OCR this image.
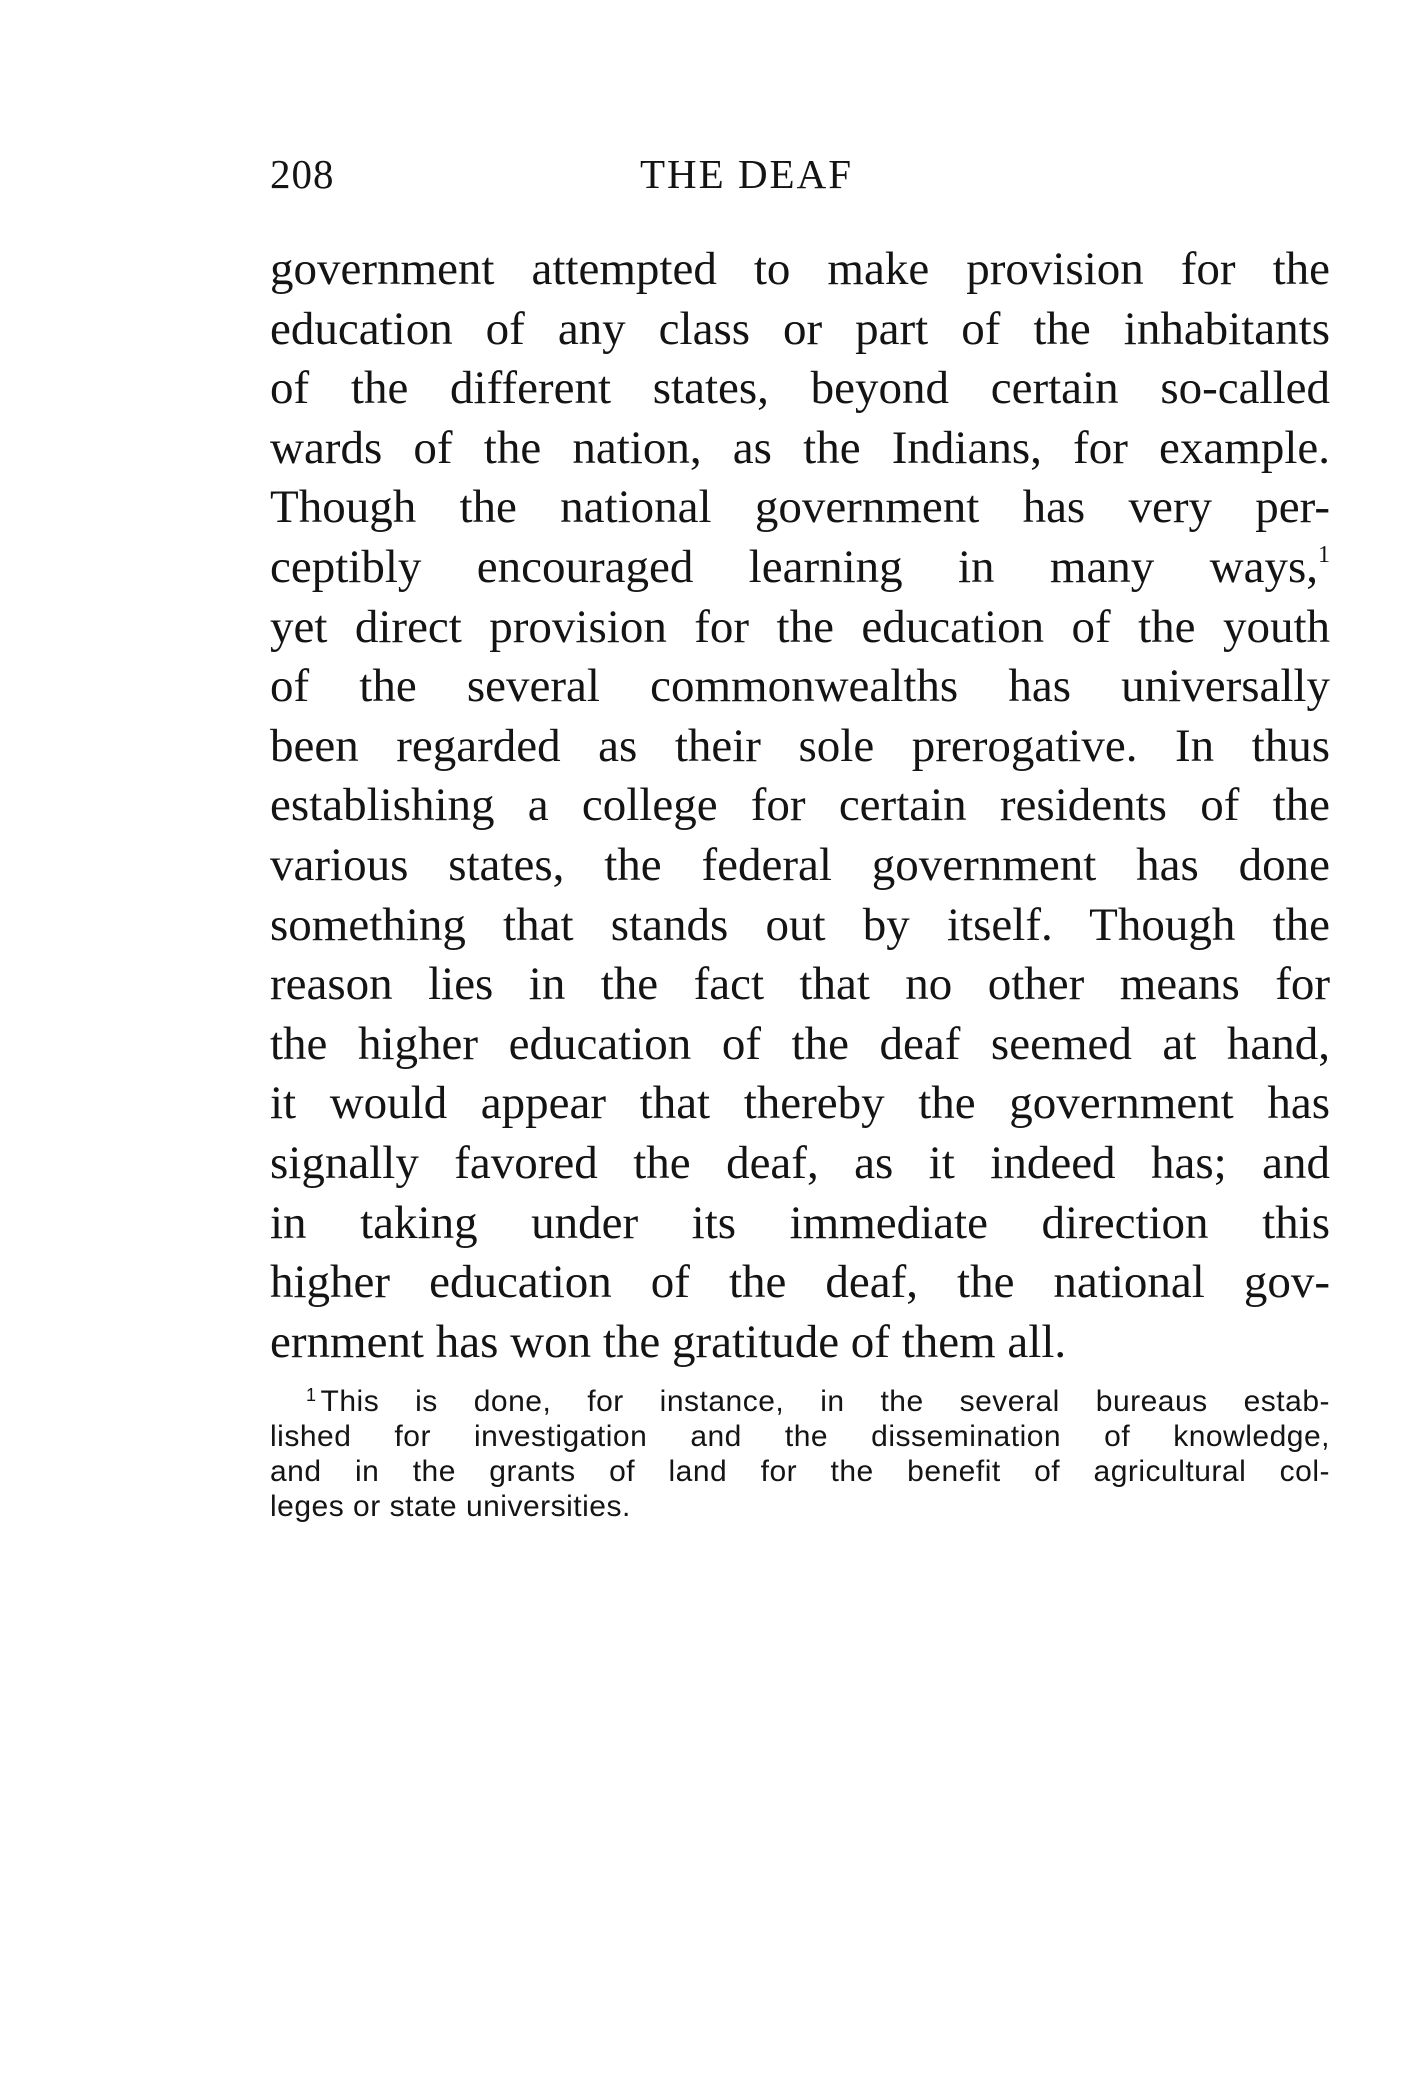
208	THE DEAF
government attempted to make provision for the
education of any class or part of the inhabitants
of the different states, beyond certain so-called
wards of the nation, as the Indians, for example.
Though the national government has very per-
ceptibly encouraged learning in many ways,$^1$
yet direct provision for the education of the youth
of the several commonwealths has universally
been regarded as their sole prerogative. In thus
establishing a college for certain residents of the
various states, the federal government has done
something that stands out by itself. Though the
reason lies in the fact that no other means for
the higher education of the deaf seemed at hand,
it would appear that thereby the government has
signally favored the deaf, as it indeed has; and
in taking under its immediate direction this
higher education of the deaf, the national gov-
ernment has won the gratitude of them all.
$^1$ This is done, for instance, in the several bureaus estab-
lished for investigation and the dissemination of knowledge,
and in the grants of land for the benefit of agricultural col-
leges or state universities.
